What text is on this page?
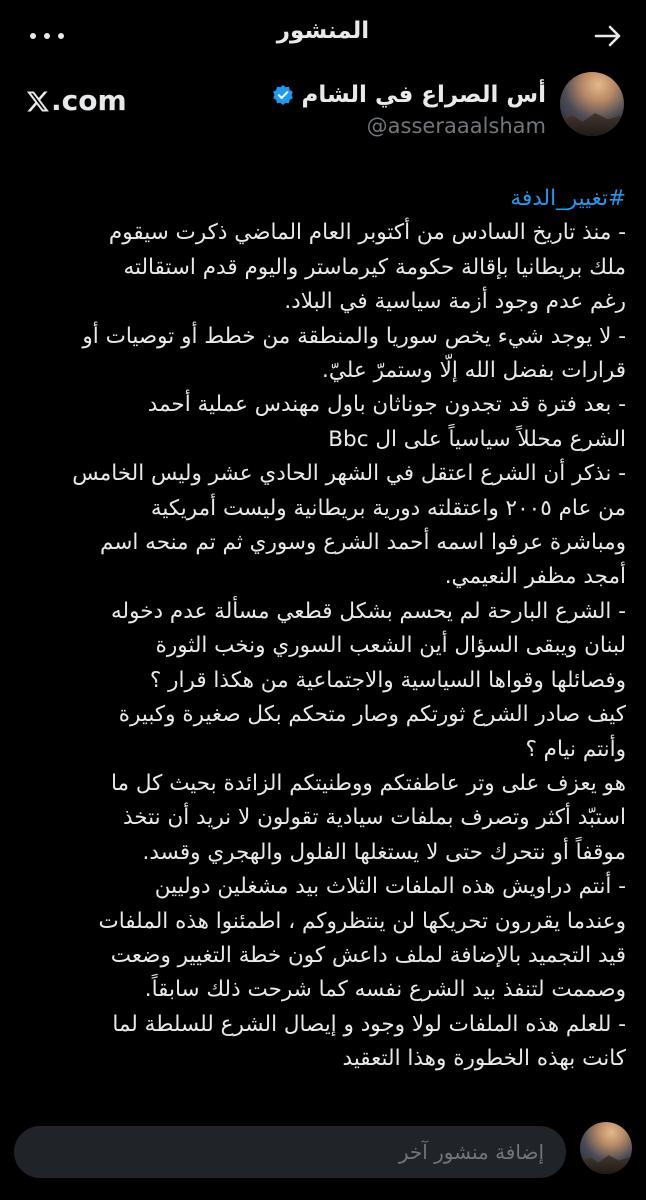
المنشور
أس الصراع في الشام
@asseraaalsham
.com
#تغيير_الدفة
- منذ تاريخ السادس من أكتوبر العام الماضي ذكرت سيقوم
ملك بريطانيا بإقالة حكومة كيرماستر واليوم قدم استقالته
رغم عدم وجود أزمة سياسية في البلاد.
- لا يوجد شيء يخص سوريا والمنطقة من خطط أو توصيات أو
قرارات بفضل الله إلّا وستمرّ عليّ.
- بعد فترة قد تجدون جوناثان باول مهندس عملية أحمد
الشرع محللاً سياسياً على ال Bbc
- نذكر أن الشرع اعتقل في الشهر الحادي عشر وليس الخامس
من عام ٢٠٠٥ واعتقلته دورية بريطانية وليست أمريكية
ومباشرة عرفوا اسمه أحمد الشرع وسوري ثم تم منحه اسم
أمجد مظفر النعيمي.
- الشرع البارحة لم يحسم بشكل قطعي مسألة عدم دخوله
لبنان ويبقى السؤال أين الشعب السوري ونخب الثورة
وفصائلها وقواها السياسية والاجتماعية من هكذا قرار ؟
كيف صادر الشرع ثورتكم وصار متحكم بكل صغيرة وكبيرة
وأنتم نيام ؟
هو يعزف على وتر عاطفتكم ووطنيتكم الزائدة بحيث كل ما
استبّد أكثر وتصرف بملفات سيادية تقولون لا نريد أن نتخذ
موقفاً أو نتحرك حتى لا يستغلها الفلول والهجري وقسد.
- أنتم دراويش هذه الملفات الثلاث بيد مشغلين دوليين
وعندما يقررون تحريكها لن ينتظروكم ، اطمئنوا هذه الملفات
قيد التجميد بالإضافة لملف داعش كون خطة التغيير وضعت
وصممت لتنفذ بيد الشرع نفسه كما شرحت ذلك سابقاً.
- للعلم هذه الملفات لولا وجود و إيصال الشرع للسلطة لما
كانت بهذه الخطورة وهذا التعقيد
إضافة منشور آخر
